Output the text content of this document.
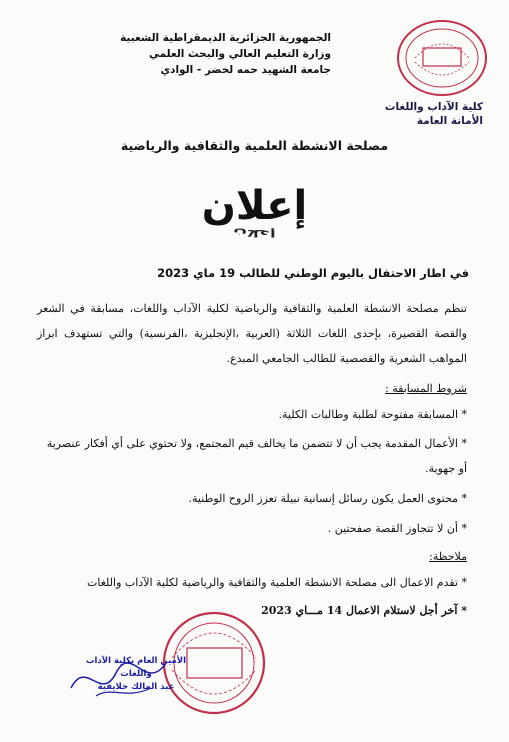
الجمهورية الجزائرية الديمقراطية الشعبية
وزارة التعليم العالي والبحث العلمي
جامعة الشهيد حمه لخضر - الوادي
كلية الآداب واللغات
الأمانة العامة
مصلحة الانشطة العلمية والثقافية والرياضية
إعلان
إعلان
في اطار الاحتفال باليوم الوطني للطالب 19 ماي 2023
تنظم مصلحة الانشطة العلمية والثقافية والرياضية لكلية الآداب واللغات، مسابقة في الشعر والقصة القصيرة، بإحدى اللغات الثلاثة (العربية ،الإنجليزية ،الفرنسية) والتي تستهدف ابراز المواهب الشعرية والقصصية للطالب الجامعي المبدع.
شروط المسابقة :
* المسابقة مفتوحة لطلبة وطالبات الكلية.
* الأعمال المقدمة يجب أن لا تتضمن ما يخالف قيم المجتمع، ولا تحتوي على أي أفكار عنصرية أو جهوية.
* محتوى العمل يكون رسائل إنسانية نبيلة تعزز الروح الوطنية.
* أن لا تتجاوز القصة صفحتين .
ملاحظة:
* تقدم الاعمال الى مصلحة الانشطة العلمية والثقافية والرياضية لكلية الآداب واللغات
* آخر أجل لاستلام الاعمال 14 مـــاي 2023
الأمين العام بكلية الآداب واللغات
عبد المالك خلايفية
